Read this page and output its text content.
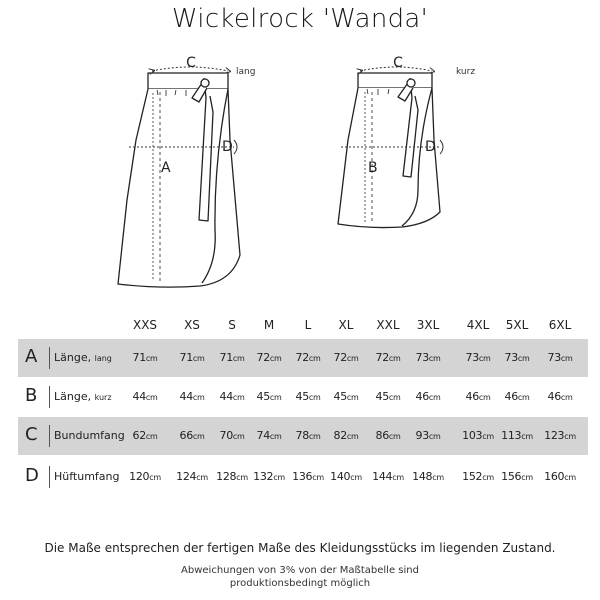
Wickelrock 'Wanda'
C
D
A
lang
C
D
B
kurz
XXS XS S M	L XL XXL 3XL 4XL 5XL 6XL
A Länge, lang 71cm 71cm 71cm 72cm 72cm 72cm 72cm 73cm 73cm 73cm 73cm
B Länge, kurz 44cm 44cm 44cm 45cm 45cm 45cm 45cm 46cm 46cm 46cm 46cm
C Bundumfang 62cm 66cm 70cm 74cm 78cm 82cm 86cm 93cm 103cm 113cm 123cm
D Hüftumfang 120cm 124cm 128cm 132cm 136cm 140cm 144cm 148cm 152cm 156cm 160cm
Die Maße entsprechen der fertigen Maße des Kleidungsstücks im liegenden Zustand.
Abweichungen von 3% von der Maßtabelle sind
produktionsbedingt möglich
